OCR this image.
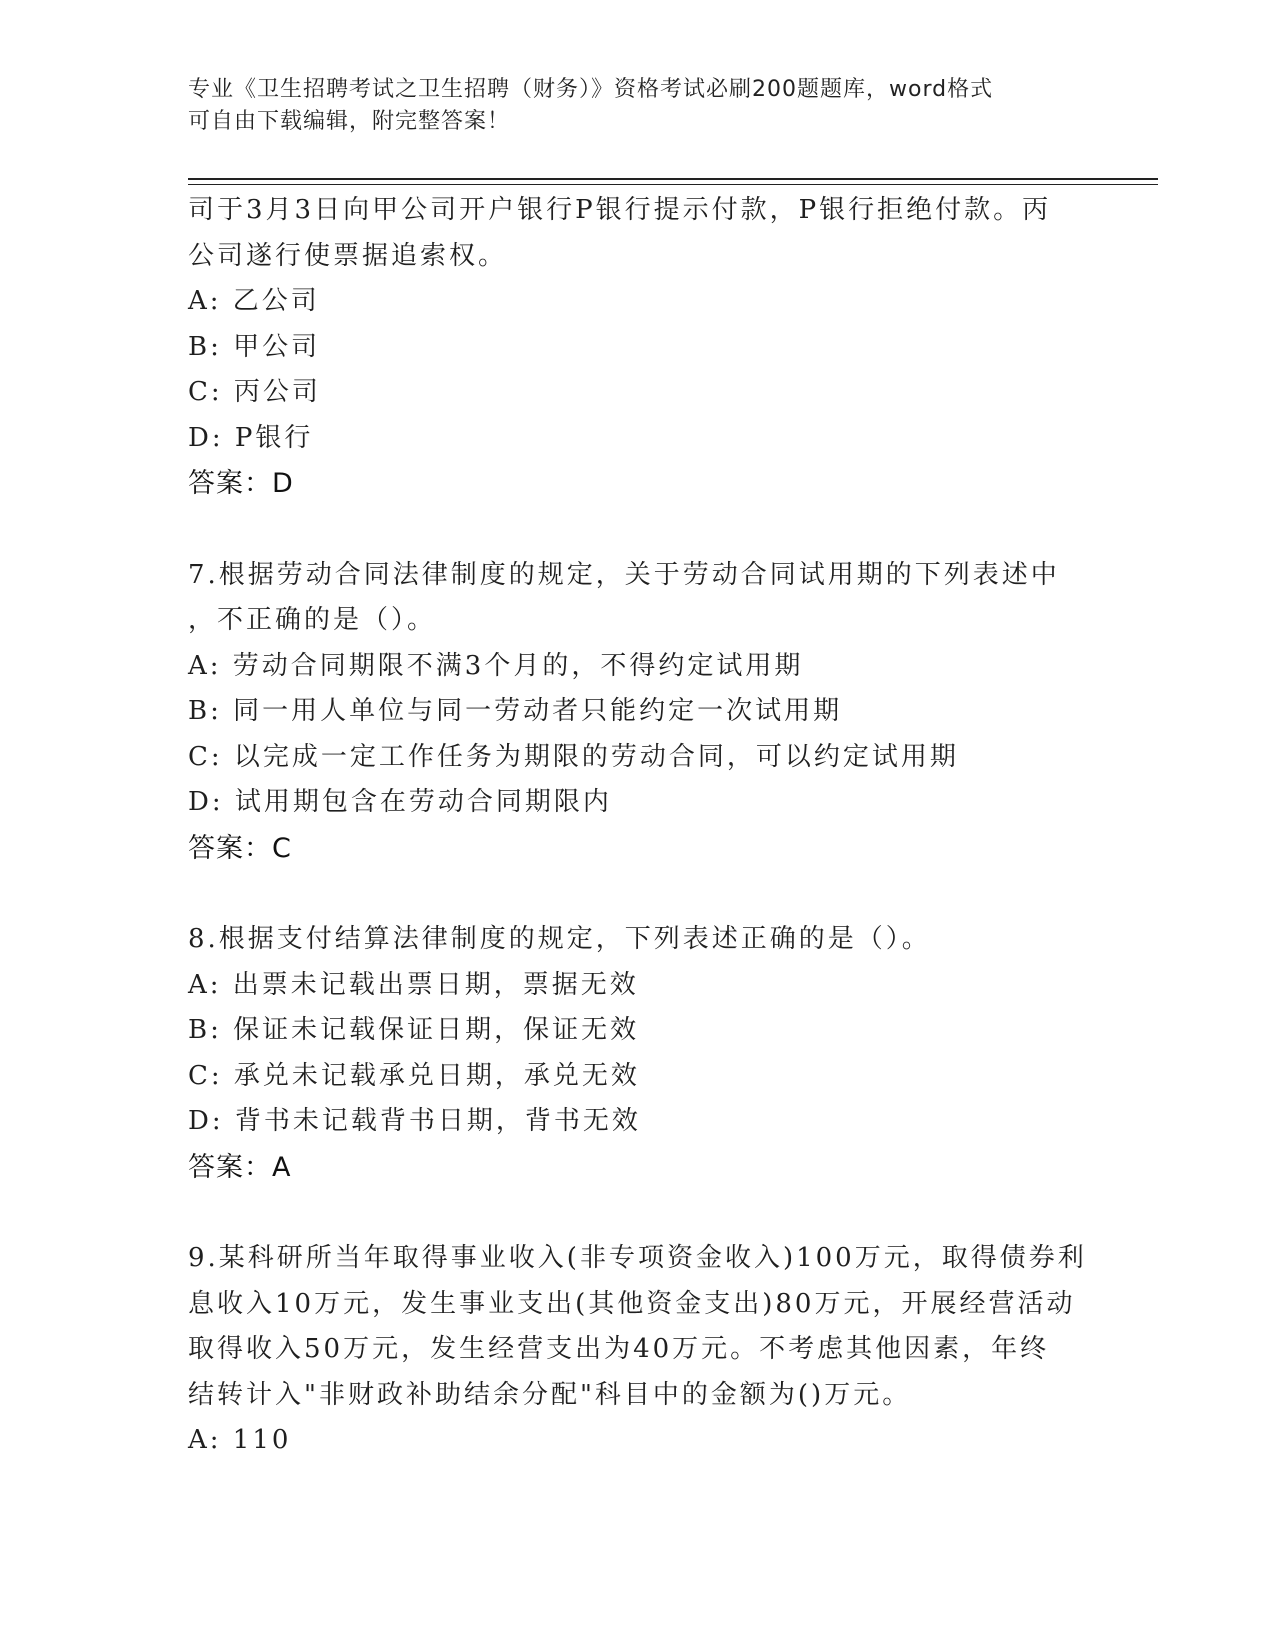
专业《卫生招聘考试之卫生招聘（财务）》资格考试必刷200题题库，word格式
可自由下载编辑，附完整答案！
司于3月3日向甲公司开户银行P银行提示付款，P银行拒绝付款。丙
公司遂行使票据追索权。
A: 乙公司
B: 甲公司
C: 丙公司
D: P银行
答案：D
7.根据劳动合同法律制度的规定，关于劳动合同试用期的下列表述中
，不正确的是（）。
A: 劳动合同期限不满3个月的，不得约定试用期
B: 同一用人单位与同一劳动者只能约定一次试用期
C: 以完成一定工作任务为期限的劳动合同，可以约定试用期
D: 试用期包含在劳动合同期限内
答案：C
8.根据支付结算法律制度的规定，下列表述正确的是（）。
A: 出票未记载出票日期，票据无效
B: 保证未记载保证日期，保证无效
C: 承兑未记载承兑日期，承兑无效
D: 背书未记载背书日期，背书无效
答案：A
9.某科研所当年取得事业收入(非专项资金收入)100万元，取得债券利
息收入10万元，发生事业支出(其他资金支出)80万元，开展经营活动
取得收入50万元，发生经营支出为40万元。不考虑其他因素，年终
结转计入"非财政补助结余分配"科目中的金额为()万元。
A: 110
